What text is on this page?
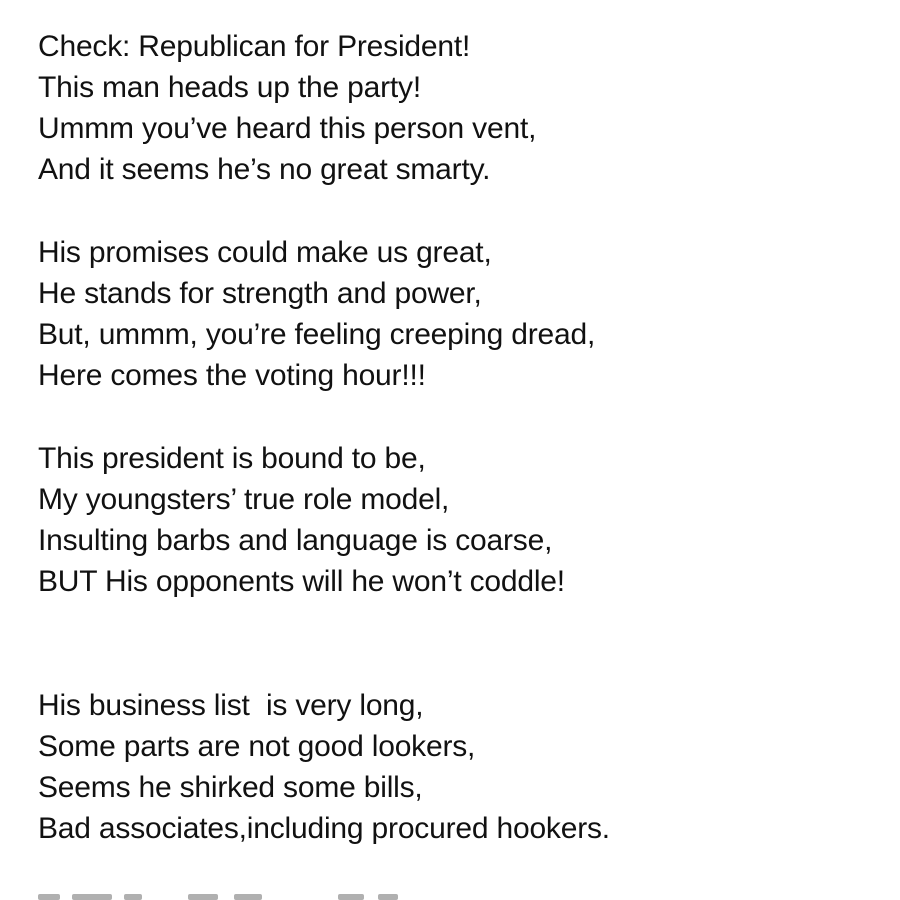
Check: Republican for President!
This man heads up the party!
Ummm you’ve heard this person vent,
And it seems he’s no great smarty.
His promises could make us great,
He stands for strength and power,
But, ummm, you’re feeling creeping dread,
Here comes the voting hour!!!
This president is bound to be,
My youngsters’ true role model,
Insulting barbs and language is coarse,
BUT His opponents will he won’t coddle!
His business list  is very long,
Some parts are not good lookers,
Seems he shirked some bills,
Bad associates,including procured hookers.
